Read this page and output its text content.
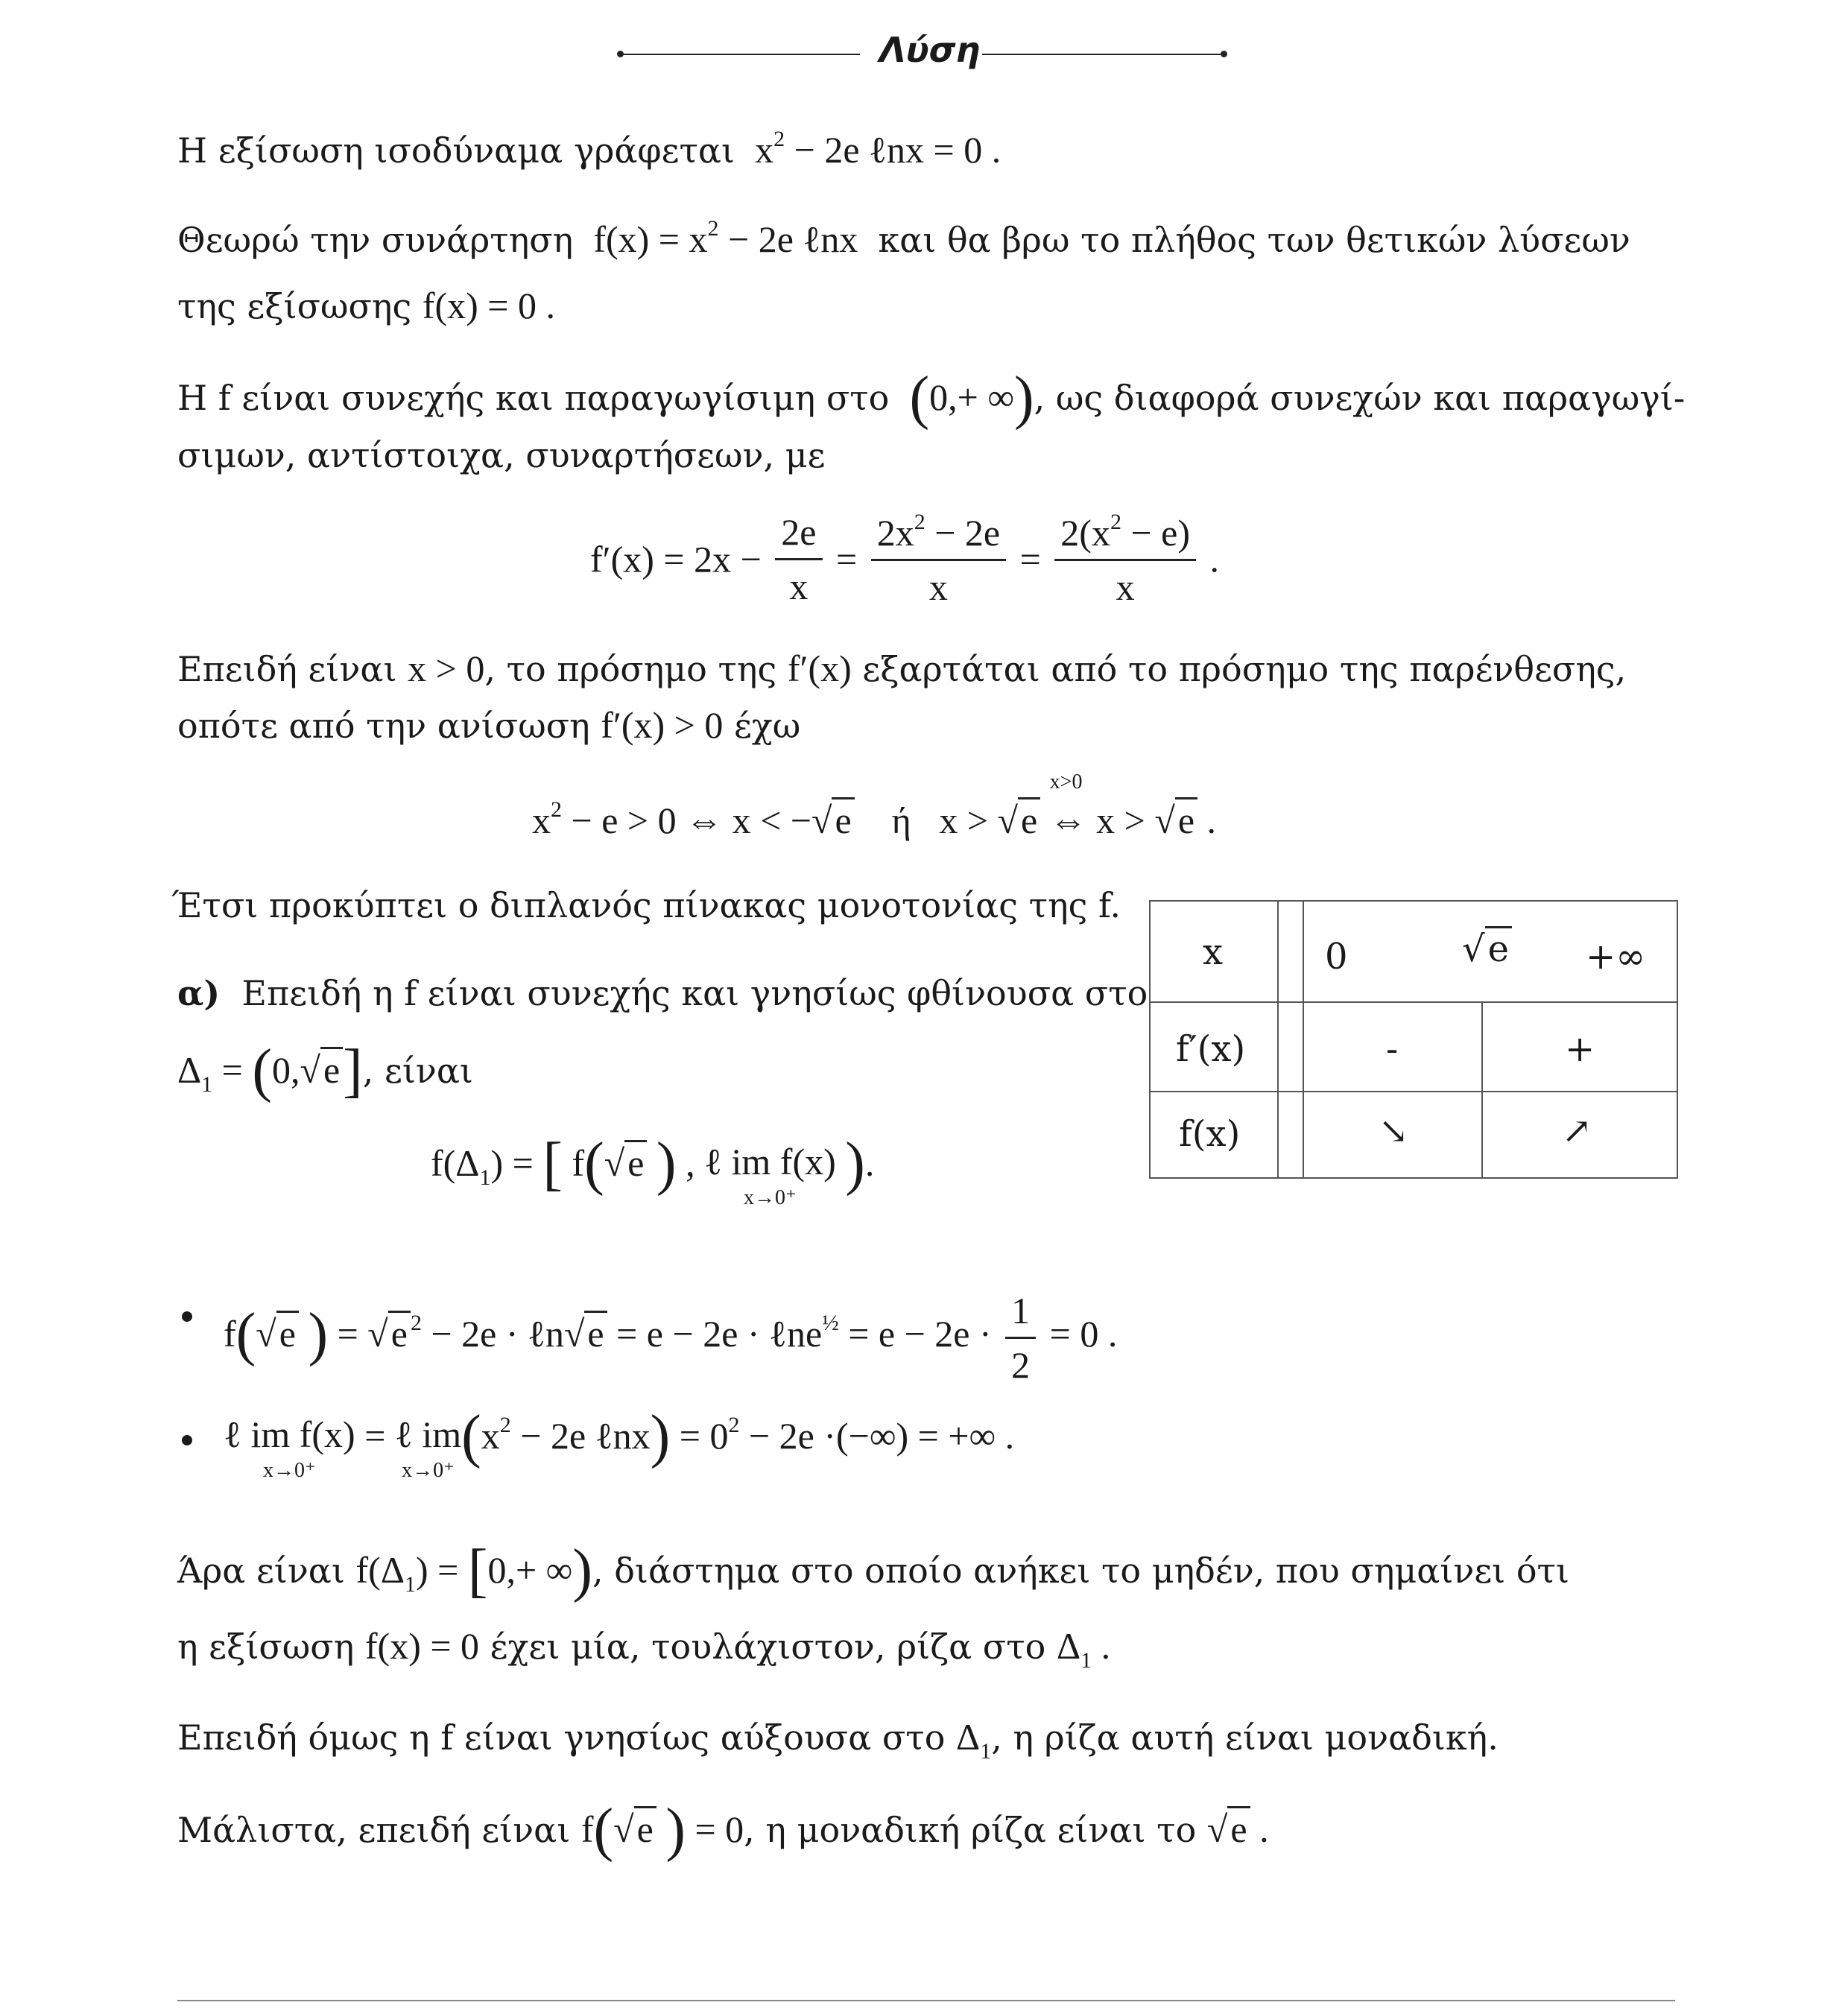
Λύση
Η εξίσωση ισοδύναμα γράφεται  $x^2 - 2e$ ℓnx = 0 .
Θεωρώ την συνάρτηση  $f(x) = x^2 - 2e$ ℓnx  και θα βρω το πλήθος των θετικών λύσεων
της εξίσωσης f(x) = 0 .
Η f είναι συνεχής και παραγωγίσιμη στο (0,+ ∞), ως διαφορά συνεχών και παραγωγί-
σιμων, αντίστοιχα, συναρτήσεων, με
$f'(x) = 2x - \frac{2e}{x} = \frac{2x^2 - 2e}{x} = \frac{2(x^2 - e)}{x}$ .
Επειδή είναι x > 0, το πρόσημο της f′(x) εξαρτάται από το πρόσημο της παρένθεσης,
οπότε από την ανίσωση f′(x) > 0 έχω
$x^2 - e > 0$ ⇔ x < −√e ή   x > √e
x>0
⇔ x > √e .
Έτσι προκύπτει ο διπλανός πίνακας μονοτονίας της f.
α) Επειδή η f είναι συνεχής και γνησίως φθίνουσα στο
$\Delta_1 = (0,√e]$, είναι
$f(\Delta_1)$ = [ f(√e ) , ℓ im f(x)
x→0⁺
).
f(√e ) = √e $^2$ − 2e · ℓn√e = e − 2e · ℓne$^{\frac{1}{2}}$ = $e - 2e \cdot \frac{1}{2} = 0$ .
ℓ im f(x)
x→0⁺
= ℓ im
x→0⁺
($x^2 - 2e$ ℓnx) = $0^2 - 2e$ ·(−∞) = +∞ .
Άρα είναι $f(\Delta_1) = [0,+$ ∞), διάστημα στο οποίο ανήκει το μηδέν, που σημαίνει ότι
η εξίσωση f(x) = 0 έχει μία, τουλάχιστον, ρίζα στο $\Delta_1$ .
Επειδή όμως η f είναι γνησίως αύξουσα στο $\Delta_1$, η ρίζα αυτή είναι μοναδική.
Μάλιστα, επειδή είναι f(√e ) = 0, η μοναδική ρίζα είναι το √e .
x	0	√e +∞
f′(x)	-	+
f(x)	↘	↗
